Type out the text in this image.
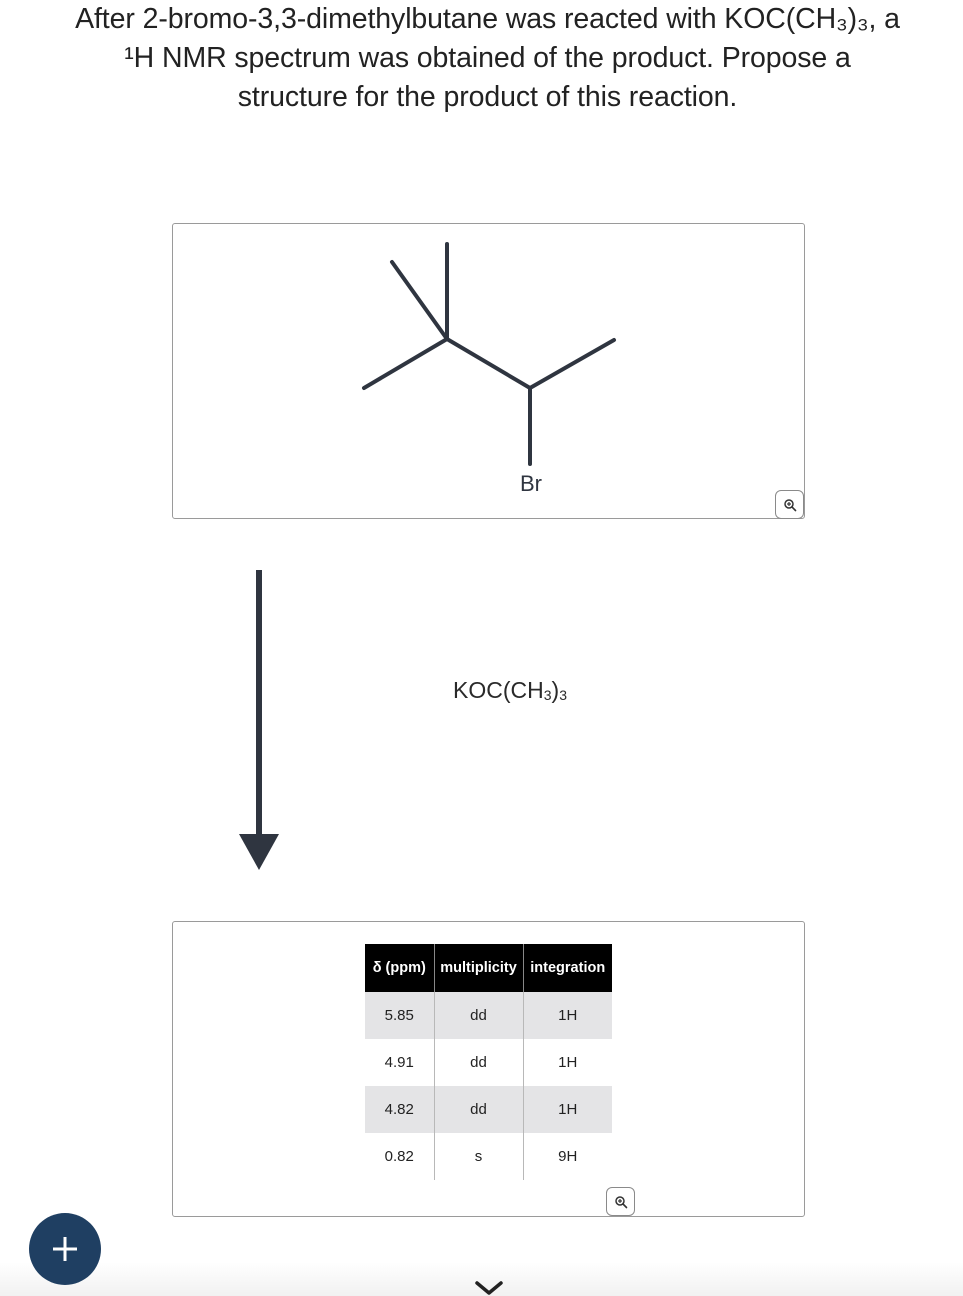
After 2-bromo-3,3-dimethylbutane was reacted with KOC(CH₃)₃, a
¹H NMR spectrum was obtained of the product. Propose a
structure for the product of this reaction.
Br
$KOC(CH_3)_3$
δ (ppm)	multiplicity	integration
5.85	dd	1H
4.91	dd	1H
4.82	dd	1H
0.82	s	9H
